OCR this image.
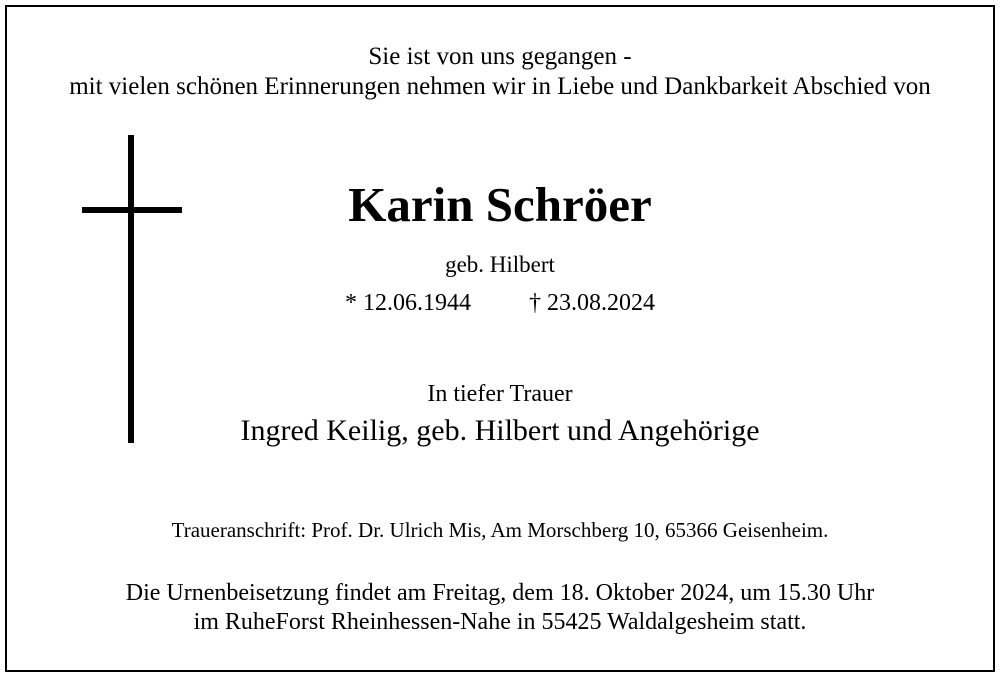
Sie ist von uns gegangen -
mit vielen schönen Erinnerungen nehmen wir in Liebe und Dankbarkeit Abschied von
Karin Schröer
geb. Hilbert
* 12.06.1944 † 23.08.2024
In tiefer Trauer
Ingred Keilig, geb. Hilbert und Angehörige
Traueranschrift: Prof. Dr. Ulrich Mis, Am Morschberg 10, 65366 Geisenheim.
Die Urnenbeisetzung findet am Freitag, dem 18. Oktober 2024, um 15.30 Uhr
im RuheForst Rheinhessen-Nahe in 55425 Waldalgesheim statt.
